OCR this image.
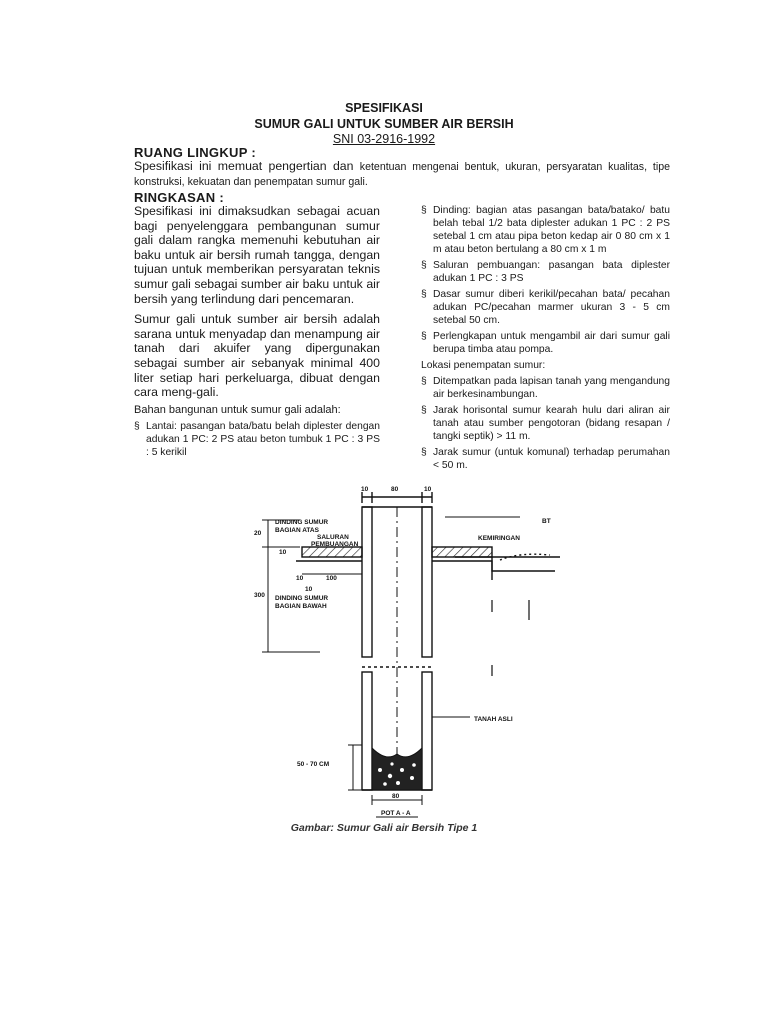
SPESIFIKASI
SUMUR GALI UNTUK SUMBER AIR BERSIH
SNI 03-2916-1992
RUANG LINGKUP :
Spesifikasi ini memuat pengertian dan ketentuan mengenai bentuk, ukuran, persyaratan kualitas, tipe konstruksi, kekuatan dan penempatan sumur gali.
RINGKASAN :
Spesifikasi ini dimaksudkan sebagai acuan bagi penyelenggara pembangunan sumur gali dalam rangka memenuhi kebutuhan air baku untuk air bersih rumah tangga, dengan tujuan untuk memberikan persyaratan teknis sumur gali sebagai sumber air baku untuk air bersih yang terlindung dari pencemaran.
Sumur gali untuk sumber air bersih adalah sarana untuk menyadap dan menampung air tanah dari akuifer yang dipergunakan sebagai sumber air sebanyak minimal 400 liter setiap hari perkeluarga, dibuat dengan cara meng-gali.
Bahan bangunan untuk sumur gali adalah:
§ Lantai: pasangan bata/batu belah diplester dengan adukan 1 PC: 2 PS atau beton tumbuk 1 PC : 3 PS : 5 kerikil
§ Dinding: bagian atas pasangan bata/batako/ batu belah tebal 1/2 bata diplester adukan 1 PC : 2 PS setebal 1 cm atau pipa beton kedap air 0 80 cm x 1 m atau beton bertulang a 80 cm x 1 m
§ Saluran pembuangan: pasangan bata diplester adukan 1 PC : 3 PS
§ Dasar sumur diberi kerikil/pecahan bata/ pecahan adukan PC/pecahan marmer ukuran 3 - 5 cm setebal 50 cm.
§ Perlengkapan untuk mengambil air dari sumur gali berupa timba atau pompa.
Lokasi penempatan sumur:
§ Ditempatkan pada lapisan tanah yang mengandung air berkesinambungan.
§ Jarak horisontal sumur kearah hulu dari aliran air tanah atau sumber pengotoran (bidang resapan / tangki septik) > 11 m.
§ Jarak sumur (untuk komunal) terhadap perumahan < 50 m.
10	80	10
20
300
10
10	100
10
DINDING SUMUR
BAGIAN ATAS
SALURAN
PEMBUANGAN
KEMIRINGAN
BT
DINDING SUMUR
BAGIAN BAWAH
TANAH ASLI
50 - 70 CM
80
POT A - A
Gambar: Sumur Gali air Bersih Tipe 1
